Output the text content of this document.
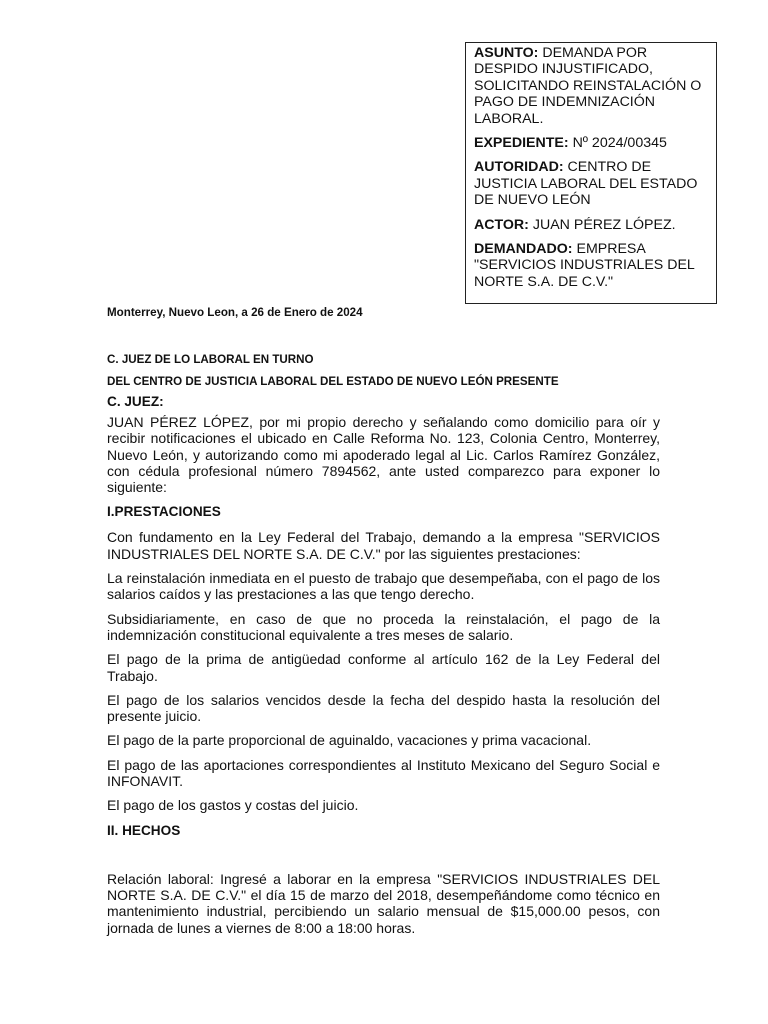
ASUNTO: DEMANDA POR DESPIDO INJUSTIFICADO, SOLICITANDO REINSTALACIÓN O PAGO DE INDEMNIZACIÓN LABORAL.

EXPEDIENTE: Nº 2024/00345

AUTORIDAD: CENTRO DE JUSTICIA LABORAL DEL ESTADO DE NUEVO LEÓN

ACTOR: JUAN PÉREZ LÓPEZ.

DEMANDADO: EMPRESA "SERVICIOS INDUSTRIALES DEL NORTE S.A. DE C.V."

Monterrey, Nuevo Leon, a 26 de Enero de 2024

C. JUEZ DE LO LABORAL EN TURNO
DEL CENTRO DE JUSTICIA LABORAL DEL ESTADO DE NUEVO LEÓN PRESENTE

C. JUEZ:

JUAN PÉREZ LÓPEZ, por mi propio derecho y señalando como domicilio para oír y recibir notificaciones el ubicado en Calle Reforma No. 123, Colonia Centro, Monterrey, Nuevo León, y autorizando como mi apoderado legal al Lic. Carlos Ramírez González, con cédula profesional número 7894562, ante usted comparezco para exponer lo siguiente:

I.PRESTACIONES

Con fundamento en la Ley Federal del Trabajo, demando a la empresa "SERVICIOS INDUSTRIALES DEL NORTE S.A. DE C.V." por las siguientes prestaciones:

La reinstalación inmediata en el puesto de trabajo que desempeñaba, con el pago de los salarios caídos y las prestaciones a las que tengo derecho.

Subsidiariamente, en caso de que no proceda la reinstalación, el pago de la indemnización constitucional equivalente a tres meses de salario.

El pago de la prima de antigüedad conforme al artículo 162 de la Ley Federal del Trabajo.

El pago de los salarios vencidos desde la fecha del despido hasta la resolución del presente juicio.

El pago de la parte proporcional de aguinaldo, vacaciones y prima vacacional.

El pago de las aportaciones correspondientes al Instituto Mexicano del Seguro Social e INFONAVIT.

El pago de los gastos y costas del juicio.

II. HECHOS

Relación laboral: Ingresé a laborar en la empresa "SERVICIOS INDUSTRIALES DEL NORTE S.A. DE C.V." el día 15 de marzo del 2018, desempeñándome como técnico en mantenimiento industrial, percibiendo un salario mensual de $15,000.00 pesos, con jornada de lunes a viernes de 8:00 a 18:00 horas.
